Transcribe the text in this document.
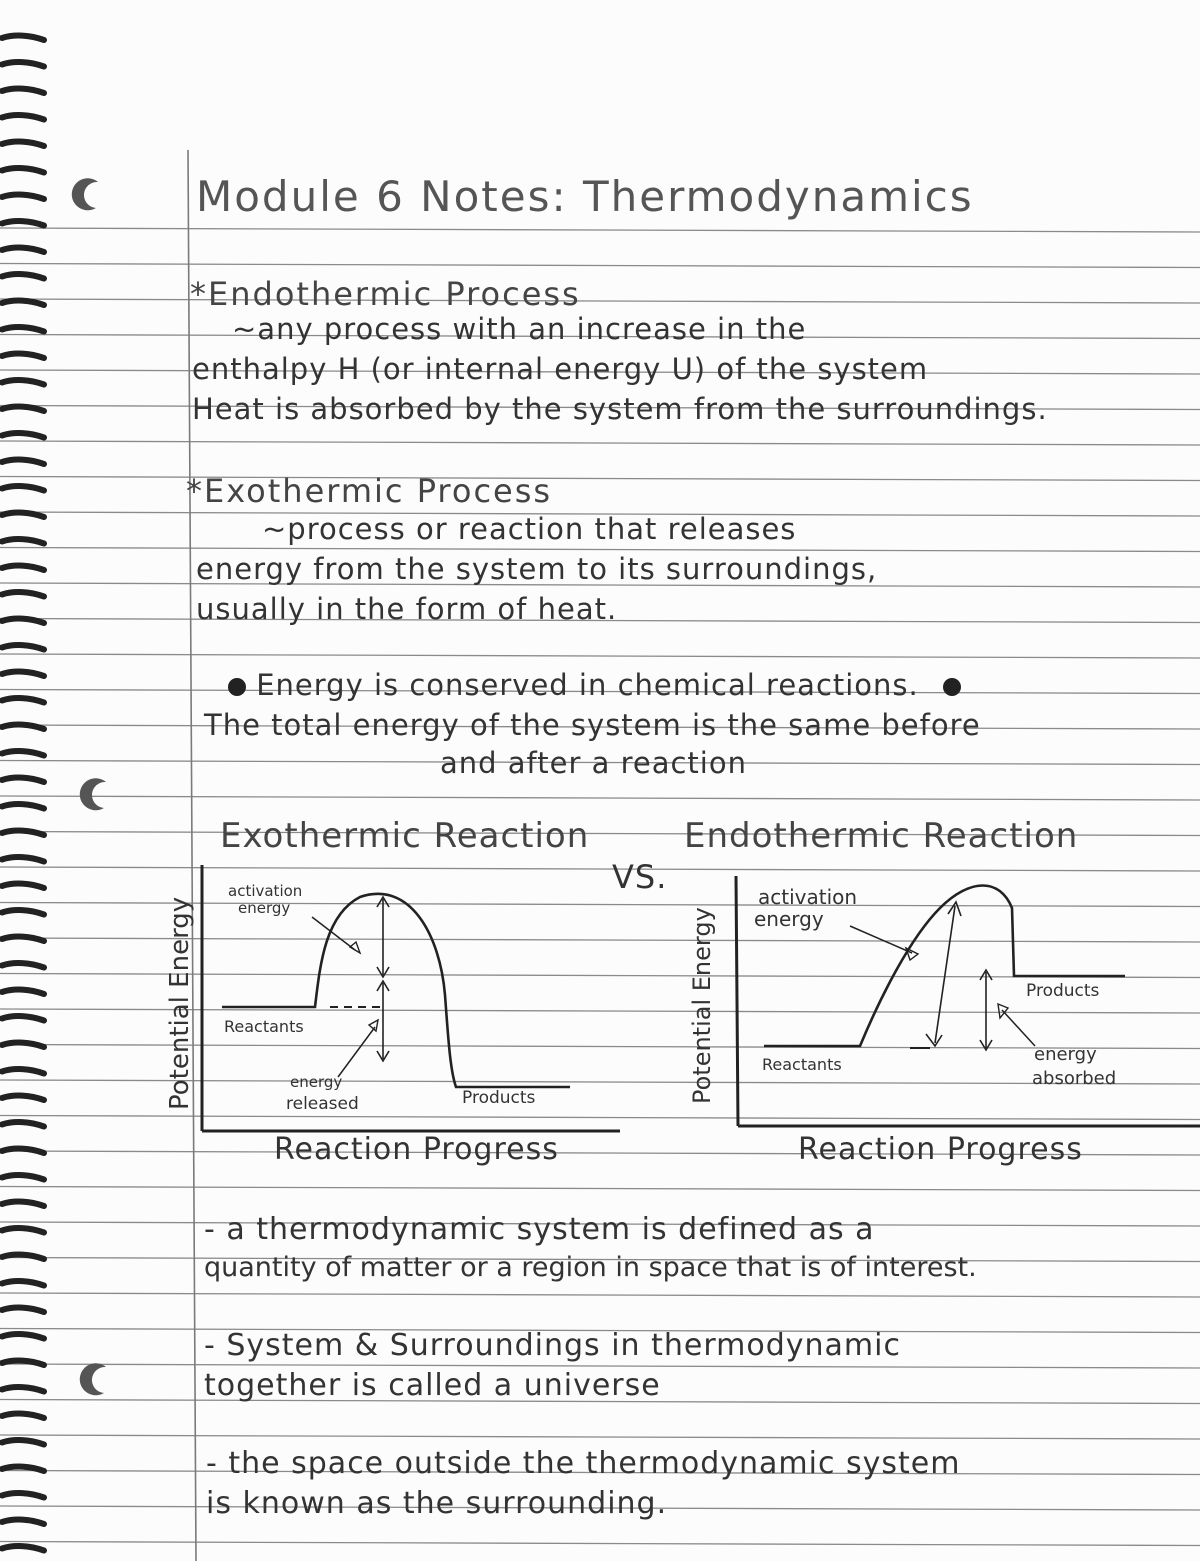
Module 6 Notes: Thermodynamics
*Endothermic Process
~any process with an increase in the
enthalpy H (or internal energy U) of the system
Heat is absorbed by the system from the surroundings.
*Exothermic Process
~process or reaction that releases
energy from the system to its surroundings,
usually in the form of heat.
Energy is conserved in chemical reactions.
The total energy of the system is the same before
and after a reaction
Exothermic Reaction	Endothermic Reaction
VS.
activation
energy
Reactants
energy
released	Products
Potential Energy
Reaction Progress
activation
energy
Reactants
Products
energy
absorbed
Potential Energy
Reaction Progress
- a thermodynamic system is defined as a
quantity of matter or a region in space that is of interest.
- System & Surroundings in thermodynamic
together is called a universe
- the space outside the thermodynamic system
is known as the surrounding.
